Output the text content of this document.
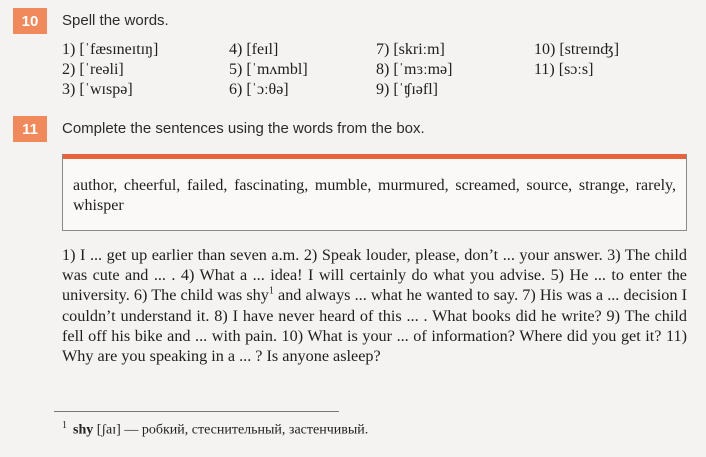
10	Spell the words.
1) [ˈfæsɪneɪtɪŋ]	4) [feɪl]	7) [skriːm]	10) [streɪnʤ]
2) [ˈreəli]	5) [ˈmʌmbl]	8) [ˈmɜːmə]	11) [sɔːs]
3) [ˈwɪspə]	6) [ˈɔːθə]	9) [ˈʧɪəfl]
11	Complete the sentences using the words from the box.
author, cheerful, failed, fascinating, mumble, murmured, screamed, source, strange, rarely, whisper
1) I ... get up earlier than seven a.m. 2) Speak louder, please, don’t ... your answer. 3) The child was cute and ... . 4) What a ... idea! I will certainly do what you advise. 5) He ... to enter the university. 6) The child was shy$^1$ and always ... what he wanted to say. 7) His was a ... decision I couldn’t understand it. 8) I have never heard of this ... . What books did he write? 9) The child fell off his bike and ... with pain. 10) What is your ... of information? Where did you get it? 11) Why are you speaking in a ... ? Is anyone asleep?
$^1$ shy [ʃaɪ] — робкий, стеснительный, застенчивый.
